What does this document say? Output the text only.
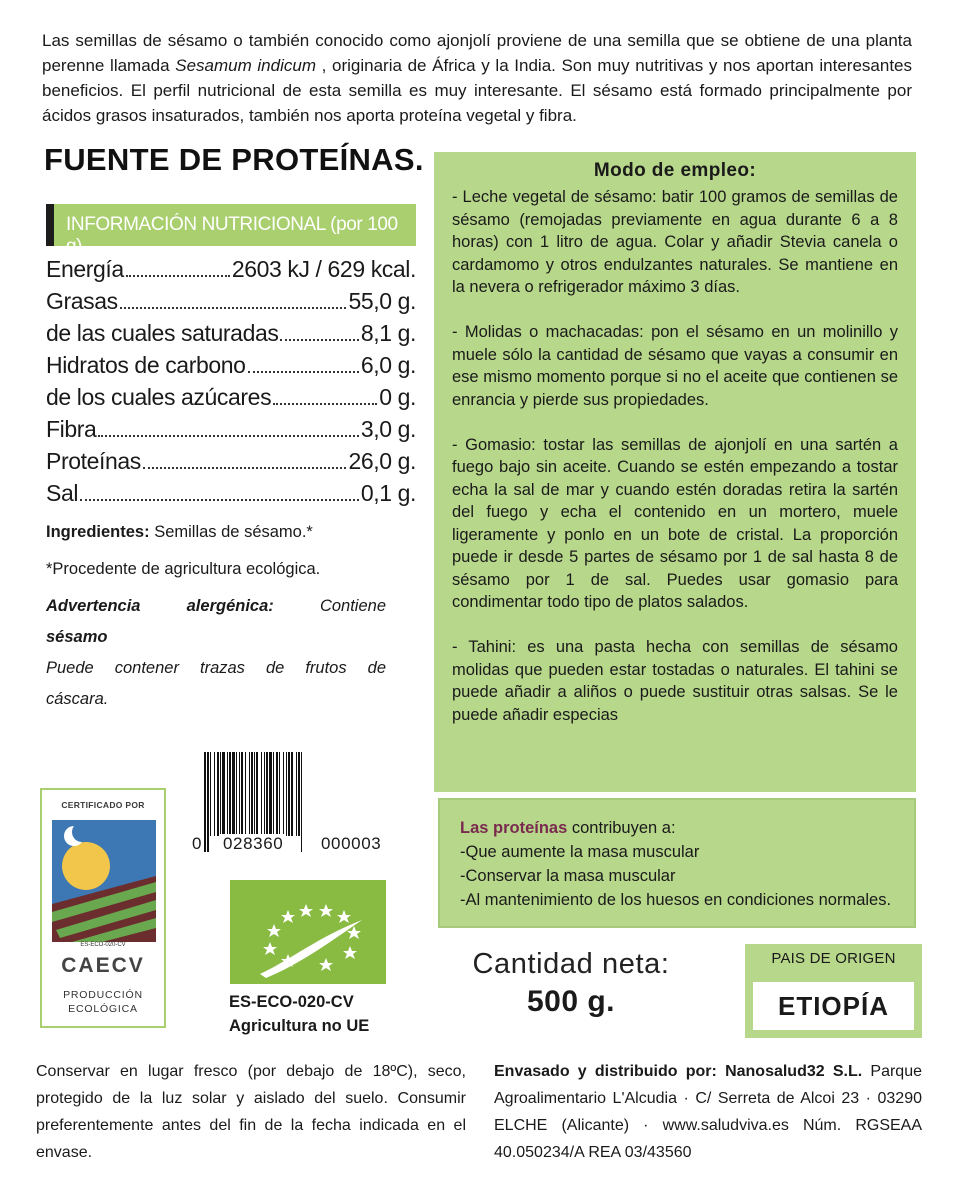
Las semillas de sésamo o también conocido como ajonjolí proviene de una semilla que se obtiene de una planta perenne llamada Sesamum indicum , originaria de África y la India. Son muy nutritivas y nos aportan interesantes beneficios. El perfil nutricional de esta semilla es muy interesante. El sésamo está formado principalmente por ácidos grasos insaturados, también nos aporta proteína vegetal y fibra.
FUENTE DE PROTEÍNAS.
INFORMACIÓN NUTRICIONAL (por 100 g)
Energía	2603 kJ / 629 kcal.
Grasas	55,0 g.
de las cuales saturadas	8,1 g.
Hidratos de carbono	6,0 g.
de los cuales azúcares	0 g.
Fibra	3,0 g.
Proteínas	26,0 g.
Sal	0,1 g.
Ingredientes: Semillas de sésamo.*
*Procedente de agricultura ecológica.
Advertencia alergénica: Contiene
sésamo
Puede contener trazas de frutos de
cáscara.
Modo de empleo:

- Leche vegetal de sésamo: batir 100 gramos de semillas de sésamo (remojadas previamente en agua durante 6 a 8 horas) con 1 litro de agua. Colar y añadir Stevia canela o cardamomo y otros endulzantes naturales. Se mantiene en la nevera o refrigerador máximo 3 días.

- Molidas o machacadas: pon el sésamo en un molinillo y muele sólo la cantidad de sésamo que vayas a consumir en ese mismo momento porque si no el aceite que contienen se enrancia y pierde sus propiedades.

- Gomasio: tostar las semillas de ajonjolí en una sartén a fuego bajo sin aceite. Cuando se estén empezando a tostar echa la sal de mar y cuando estén doradas retira la sartén del fuego y echa el contenido en un mortero, muele ligeramente y ponlo en un bote de cristal. La proporción puede ir desde 5 partes de sésamo por 1 de sal hasta 8 de sésamo por 1 de sal. Puedes usar gomasio para condimentar todo tipo de platos salados.

- Tahini: es una pasta hecha con semillas de sésamo molidas que pueden estar tostadas o naturales. El tahini se puede añadir a aliños o puede sustituir otras salsas. Se le puede añadir especias

Las proteínas contribuyen a:
-Que aumente la masa muscular
-Conservar la masa muscular
-Al mantenimiento de los huesos en condiciones normales.
0 028360 000003
CERTIFICADO POR
ES-ECO-020-CV
CAECV
PRODUCCIÓN
ECOLÓGICA	ES-ECO-020-CV
Agricultura no UE
Cantidad neta:
500 g.
PAIS DE ORIGEN
ETIOPÍA
Conservar en lugar fresco (por debajo de 18ºC), seco, protegido de la luz solar y aislado del suelo. Consumir preferentemente antes del fin de la fecha indicada en el envase.
Envasado y distribuido por: Nanosalud32 S.L. Parque Agroalimentario L'Alcudia · C/ Serreta de Alcoi 23 · 03290 ELCHE (Alicante) · www.saludviva.es Núm. RGSEAA 40.050234/A REA 03/43560
